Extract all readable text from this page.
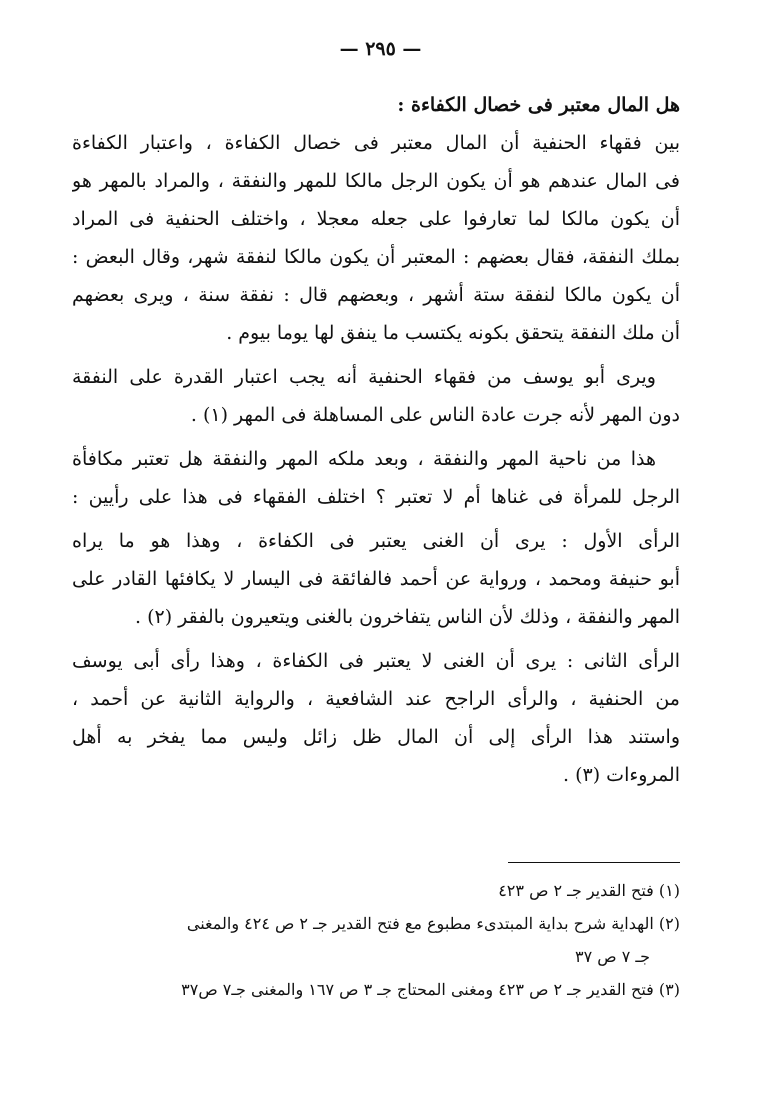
— ٢٩٥ —
هل المال معتبر فى خصال الكفاءة :
بين فقهاء الحنفية أن المال معتبر فى خصال الكفاءة ، واعتبار الكفاءة
فى المال عندهم هو أن يكون الرجل مالكا للمهر والنفقة ، والمراد بالمهر هو
أن يكون مالكا لما تعارفوا على جعله معجلا ، واختلف الحنفية فى المراد
بملك النفقة، فقال بعضهم : المعتبر أن يكون مالكا لنفقة شهر، وقال البعض :
أن يكون مالكا لنفقة ستة أشهر ، وبعضهم قال : نفقة سنة ، ويرى بعضهم
أن ملك النفقة يتحقق بكونه يكتسب ما ينفق لها يوما بيوم .
ويرى أبو يوسف من فقهاء الحنفية أنه يجب اعتبار القدرة على النفقة
دون المهر لأنه جرت عادة الناس على المساهلة فى المهر (١) .
هذا من ناحية المهر والنفقة ، وبعد ملكه المهر والنفقة هل تعتبر مكافأة
الرجل للمرأة فى غناها أم لا تعتبر ؟ اختلف الفقهاء فى هذا على رأيين :
الرأى الأول : يرى أن الغنى يعتبر فى الكفاءة ، وهذا هو ما يراه
أبو حنيفة ومحمد ، ورواية عن أحمد فالفائقة فى اليسار لا يكافئها القادر على
المهر والنفقة ، وذلك لأن الناس يتفاخرون بالغنى ويتعيرون بالفقر (٢) .
الرأى الثانى : يرى أن الغنى لا يعتبر فى الكفاءة ، وهذا رأى أبى يوسف
من الحنفية ، والرأى الراجح عند الشافعية ، والرواية الثانية عن أحمد ،
واستند هذا الرأى إلى أن المال ظل زائل وليس مما يفخر به أهل
المروءات (٣) .
(١) فتح القدير جـ ٢ ص ٤٢٣
(٢) الهداية شرح بداية المبتدىء مطبوع مع فتح القدير جـ ٢ ص ٤٢٤ والمغنى
جـ ٧ ص ٣٧
(٣) فتح القدير جـ ٢ ص ٤٢٣ ومغنى المحتاج جـ ٣ ص ١٦٧ والمغنى جـ٧ ص٣٧
